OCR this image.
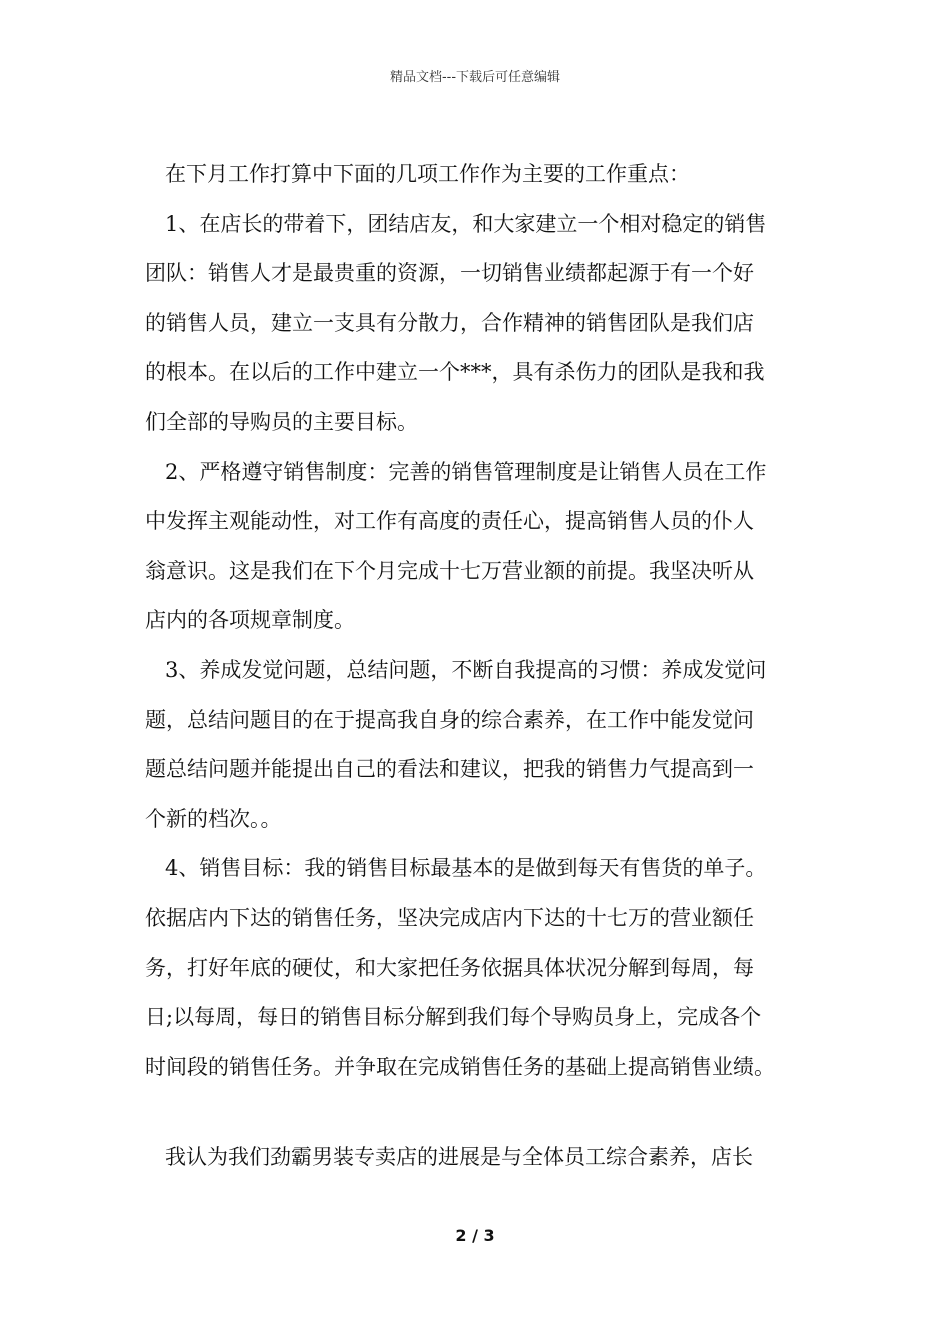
精品文档---下载后可任意编辑
在下月工作打算中下面的几项工作作为主要的工作重点：
1、在店长的带着下，团结店友，和大家建立一个相对稳定的销售
团队：销售人才是最贵重的资源，一切销售业绩都起源于有一个好
的销售人员，建立一支具有分散力，合作精神的销售团队是我们店
的根本。在以后的工作中建立一个***，具有杀伤力的团队是我和我
们全部的导购员的主要目标。
2、严格遵守销售制度：完善的销售管理制度是让销售人员在工作
中发挥主观能动性，对工作有高度的责任心，提高销售人员的仆人
翁意识。这是我们在下个月完成十七万营业额的前提。我坚决听从
店内的各项规章制度。
3、养成发觉问题，总结问题，不断自我提高的习惯：养成发觉问
题，总结问题目的在于提高我自身的综合素养，在工作中能发觉问
题总结问题并能提出自己的看法和建议，把我的销售力气提高到一
个新的档次。。
4、销售目标：我的销售目标最基本的是做到每天有售货的单子。
依据店内下达的销售任务，坚决完成店内下达的十七万的营业额任
务，打好年底的硬仗，和大家把任务依据具体状况分解到每周，每
日;以每周，每日的销售目标分解到我们每个导购员身上，完成各个
时间段的销售任务。并争取在完成销售任务的基础上提高销售业绩。
我认为我们劲霸男装专卖店的进展是与全体员工综合素养，店长
2 / 3
